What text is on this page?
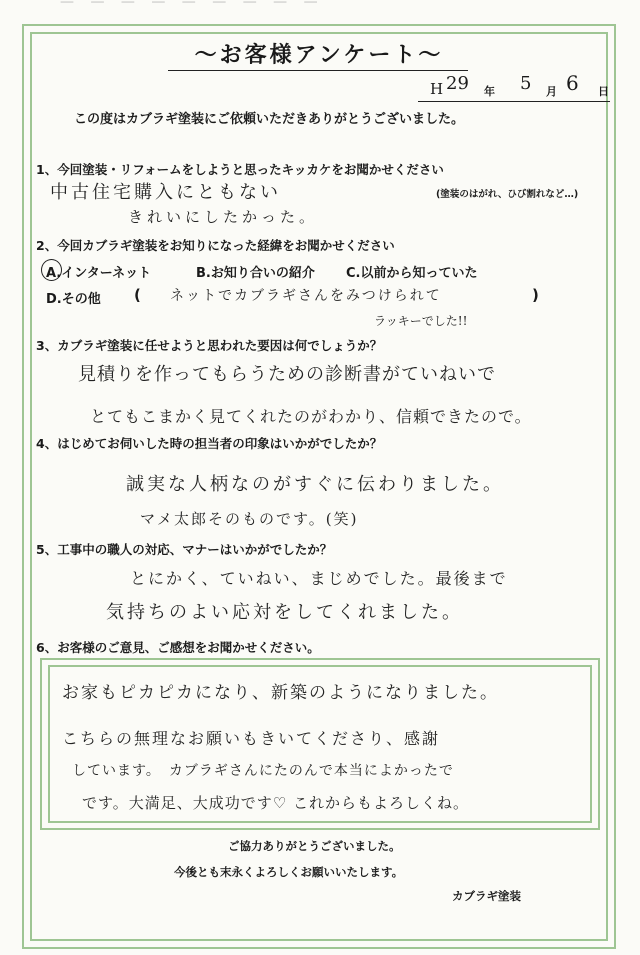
— — — — — — — — —
～お客様アンケート～
H 29 年 5 月 6 日
この度はカブラギ塗装にご依頼いただきありがとうございました。
1、今回塗装・リフォームをしようと思ったキッカケをお聞かせください
中古住宅購入にともない	(塗装のはがれ、ひび割れなど…)
きれいにしたかった。
2、今回カブラギ塗装をお知りになった経緯をお聞かせください
A.インターネット	B.お知り合いの紹介 C.以前から知っていた
D.その他 ( ネットでカブラギさんをみつけられて	)
ラッキーでした!!
3、カブラギ塗装に任せようと思われた要因は何でしょうか？
見積りを作ってもらうための診断書がていねいで
とてもこまかく見てくれたのがわかり、信頼できたので。
4、はじめてお伺いした時の担当者の印象はいかがでしたか？
誠実な人柄なのがすぐに伝わりました。
マメ太郎そのものです。(笑)
5、工事中の職人の対応、マナーはいかがでしたか？
とにかく、ていねい、まじめでした。最後まで
気持ちのよい応対をしてくれました。
6、お客様のご意見、ご感想をお聞かせください。
お家もピカピカになり、新築のようになりました。
こちらの無理なお願いもきいてくださり、感謝
しています。　カブラギさんにたのんで本当によかったで
です。大満足、大成功です♡ これからもよろしくね。
ご協力ありがとうございました。
今後とも末永くよろしくお願いいたします。
カブラギ塗装
